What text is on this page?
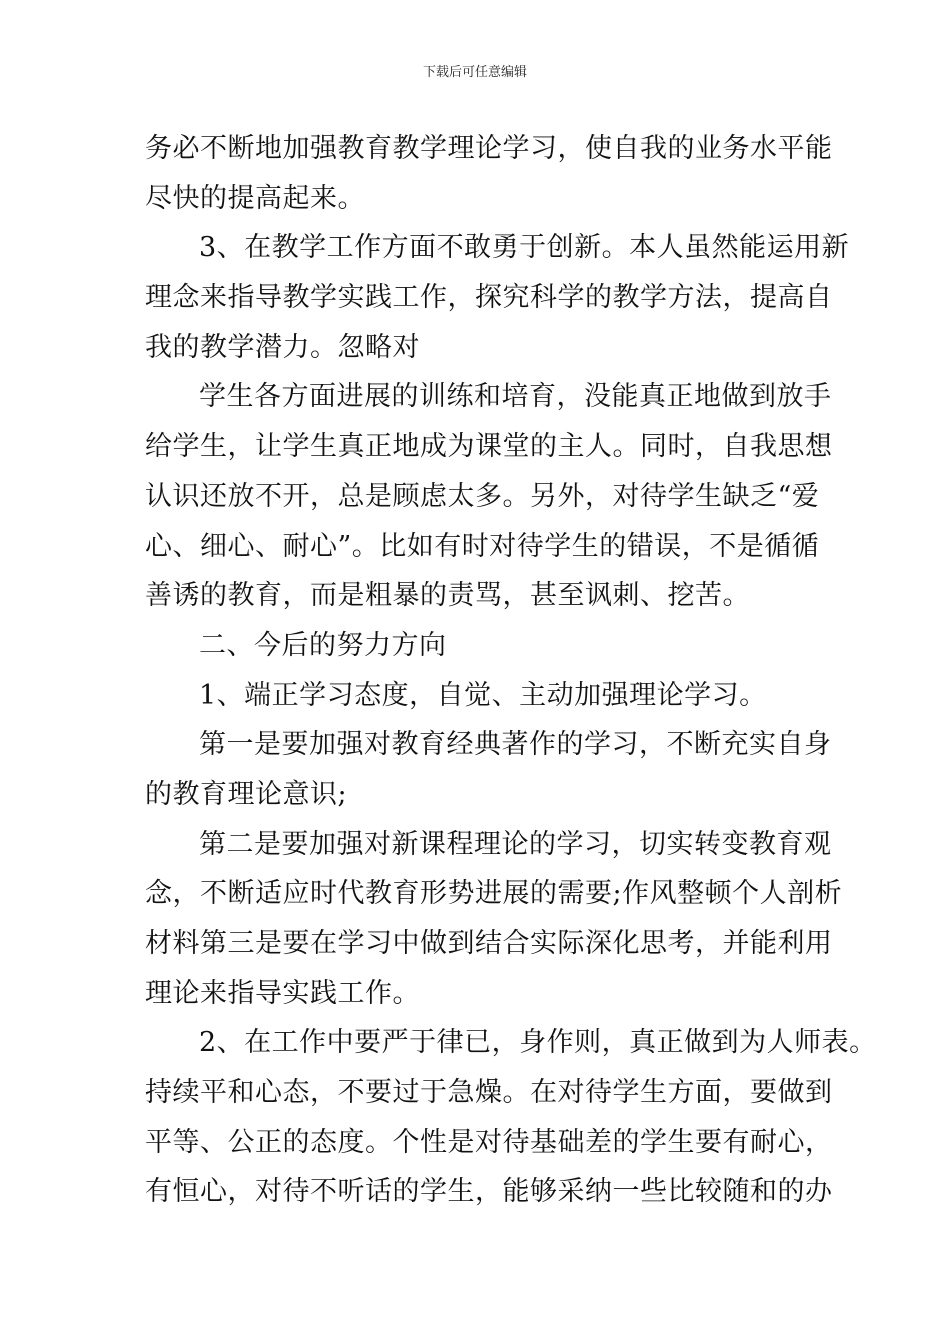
下载后可任意编辑
务必不断地加强教育教学理论学习，使自我的业务水平能
尽快的提高起来。
3、在教学工作方面不敢勇于创新。本人虽然能运用新
理念来指导教学实践工作，探究科学的教学方法，提高自
我的教学潜力。忽略对
学生各方面进展的训练和培育，没能真正地做到放手
给学生，让学生真正地成为课堂的主人。同时，自我思想
认识还放不开，总是顾虑太多。另外，对待学生缺乏“爱
心、细心、耐心”。比如有时对待学生的错误，不是循循
善诱的教育，而是粗暴的责骂，甚至讽刺、挖苦。
二、今后的努力方向
1、端正学习态度，自觉、主动加强理论学习。
第一是要加强对教育经典著作的学习，不断充实自身
的教育理论意识;
第二是要加强对新课程理论的学习，切实转变教育观
念，不断适应时代教育形势进展的需要;作风整顿个人剖析
材料第三是要在学习中做到结合实际深化思考，并能利用
理论来指导实践工作。
2、在工作中要严于律已，身作则，真正做到为人师表。
持续平和心态，不要过于急燥。在对待学生方面，要做到
平等、公正的态度。个性是对待基础差的学生要有耐心，
有恒心，对待不听话的学生，能够采纳一些比较随和的办
